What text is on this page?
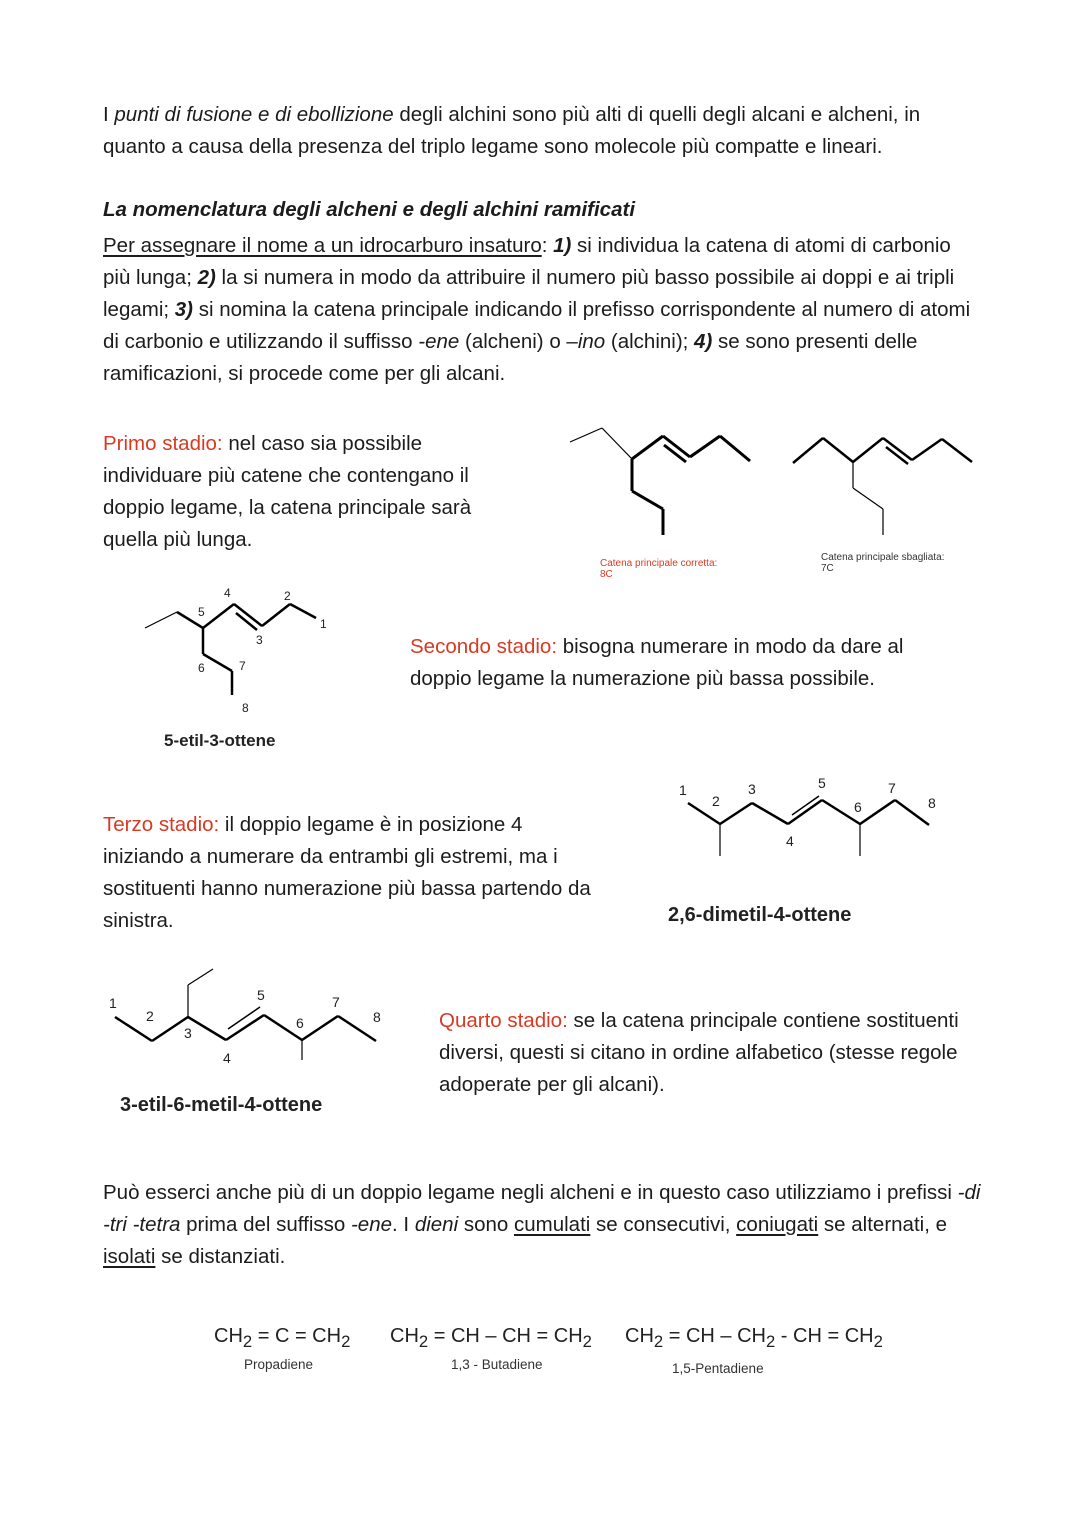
I punti di fusione e di ebollizione degli alchini sono più alti di quelli degli alcani e alcheni, in quanto a causa della presenza del triplo legame sono molecole più compatte e lineari.
La nomenclatura degli alcheni e degli alchini ramificati
Per assegnare il nome a un idrocarburo insaturo: 1) si individua la catena di atomi di carbonio più lunga; 2) la si numera in modo da attribuire il numero più basso possibile ai doppi e ai tripli legami; 3) si nomina la catena principale indicando il prefisso corrispondente al numero di atomi di carbonio e utilizzando il suffisso -ene (alcheni) o –ino (alchini); 4) se sono presenti delle ramificazioni, si procede come per gli alcani.
Primo stadio: nel caso sia possibile individuare più catene che contengano il doppio legame, la catena principale sarà quella più lunga.
Catena principale corretta:
8C
Catena principale sbagliata:
7C
1
2
3
4
5
6	7
8
5-etil-3-ottene
Secondo stadio: bisogna numerare in modo da dare al doppio legame la numerazione più bassa possibile.
1
2
3
4
5
6
7
8
2,6-dimetil-4-ottene
Terzo stadio: il doppio legame è in posizione 4 iniziando a numerare da entrambi gli estremi, ma i sostituenti hanno numerazione più bassa partendo da sinistra.
1
2
3
4
5
6
7
8
3-etil-6-metil-4-ottene
Quarto stadio: se la catena principale contiene sostituenti diversi, questi si citano in ordine alfabetico (stesse regole adoperate per gli alcani).
Può esserci anche più di un doppio legame negli alcheni e in questo caso utilizziamo i prefissi -di -tri -tetra prima del suffisso -ene. I dieni sono cumulati se consecutivi, coniugati se alternati, e isolati se distanziati.
$CH_2 = C = CH_2$
Propadiene
$CH_2$ = CH – CH = $CH_2$
1,3 - Butadiene
$CH_2$ = CH – $CH_2$ - CH = $CH_2$
1,5-Pentadiene
